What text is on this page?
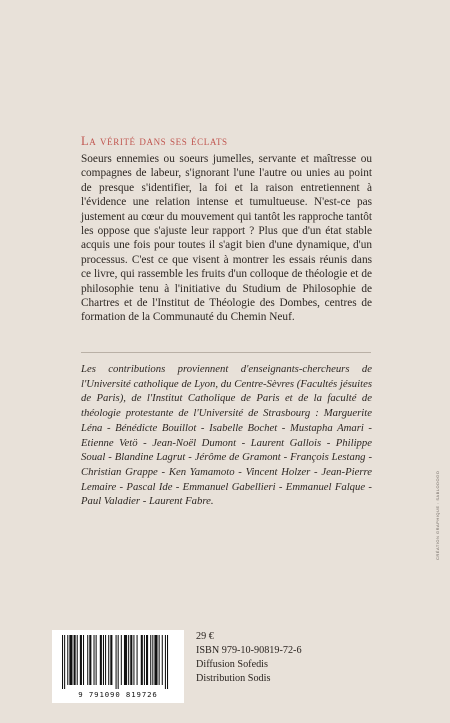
La vérité dans ses éclats

Soeurs ennemies ou soeurs jumelles, servante et maîtresse ou compagnes de labeur, s'ignorant l'une l'autre ou unies au point de presque s'identifier, la foi et la raison entretiennent à l'évidence une relation intense et tumultueuse. N'est-ce pas justement au cœur du mouvement qui tantôt les rapproche tantôt les oppose que s'ajuste leur rapport ? Plus que d'un état stable acquis une fois pour toutes il s'agit bien d'une dynamique, d'un processus. C'est ce que visent à montrer les essais réunis dans ce livre, qui rassemble les fruits d'un colloque de théologie et de philosophie tenu à l'initiative du Studium de Philosophie de Chartres et de l'Institut de Théologie des Dombes, centres de formation de la Communauté du Chemin Neuf.

Les contributions proviennent d'enseignants-chercheurs de l'Université catholique de Lyon, du Centre-Sèvres (Facultés jésuites de Paris), de l'Institut Catholique de Paris et de la faculté de théologie protestante de l'Université de Strasbourg : Marguerite Léna - Bénédicte Bouillot - Isabelle Bochet - Mustapha Amari - Etienne Vetö - Jean-Noël Dumont - Laurent Gallois - Philippe Soual - Blandine Lagrut - Jérôme de Gramont - François Lestang - Christian Grappe - Ken Yamamoto - Vincent Holzer - Jean-Pierre Lemaire - Pascal Ide - Emmanuel Gabellieri - Emmanuel Falque - Paul Valadier - Laurent Fabre.	CRÉATION GRAPHIQUE : SABLODOGO
9 791090 819726
29 €
ISBN 979-10-90819-72-6
Diffusion Sofedis
Distribution Sodis
